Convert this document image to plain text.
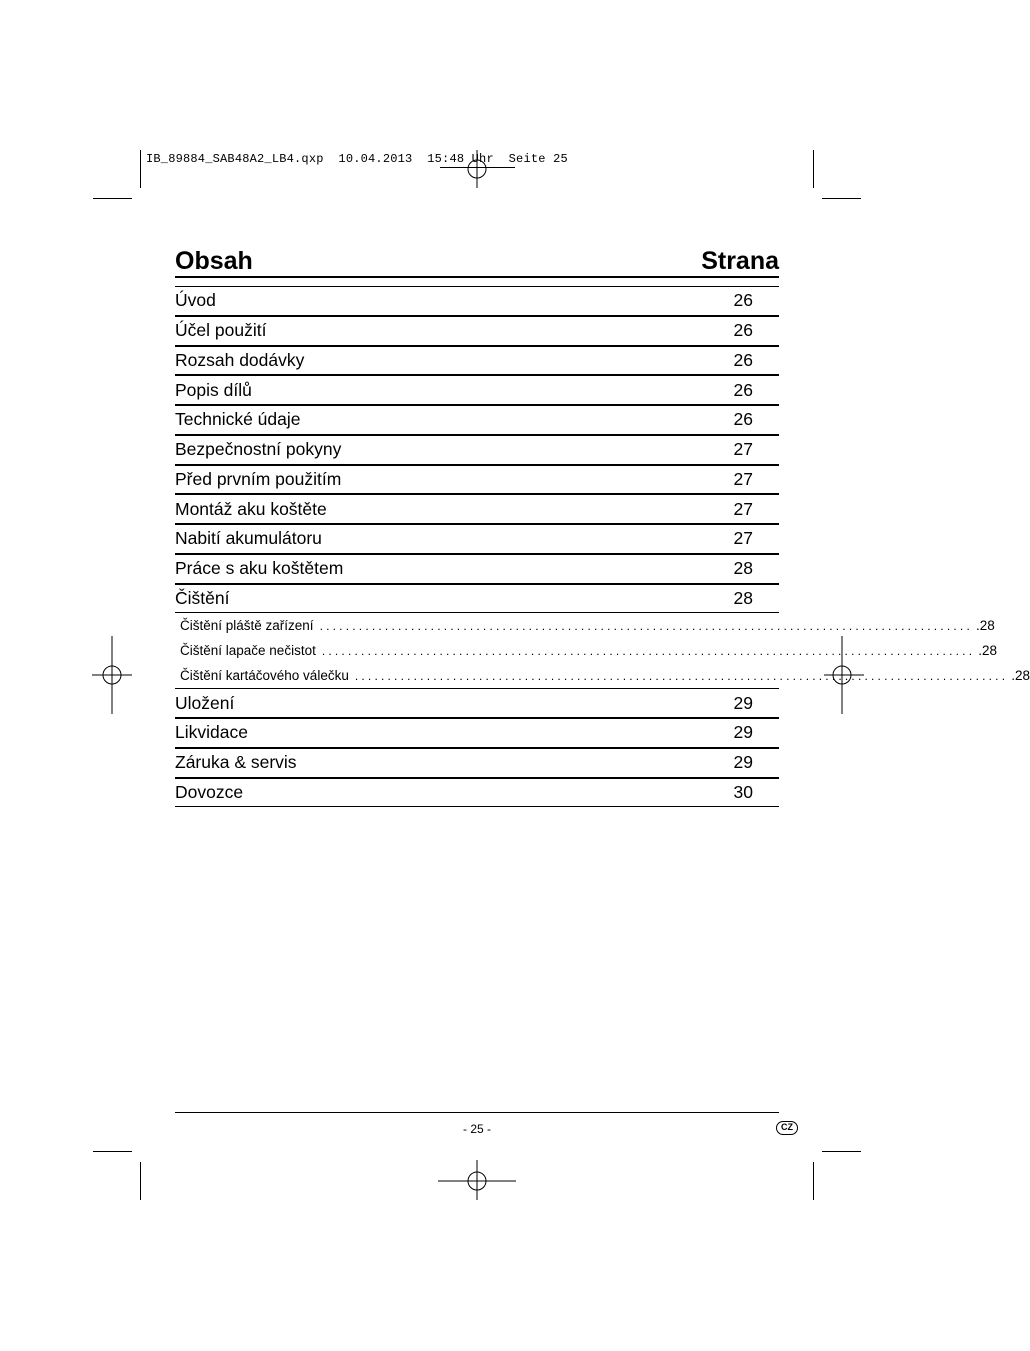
IB_89884_SAB48A2_LB4.qxp  10.04.2013  15:48 Uhr  Seite 25
Obsah	Strana
Úvod	26
Účel použití	26
Rozsah dodávky	26
Popis dílů	26
Technické údaje	26
Bezpečnostní pokyny	27
Před prvním použitím	27
Montáž aku koštěte	27
Nabití akumulátoru	27
Práce s aku koštětem	28
Čištění	28
Čištění pláště zařízení .................................................................................................... .28
Čištění lapače nečistot .................................................................................................... .28
Čištění kartáčového válečku .................................................................................................... .28
Uložení	29
Likvidace	29
Záruka & servis	29
Dovozce	30
- 25 -	CZ
